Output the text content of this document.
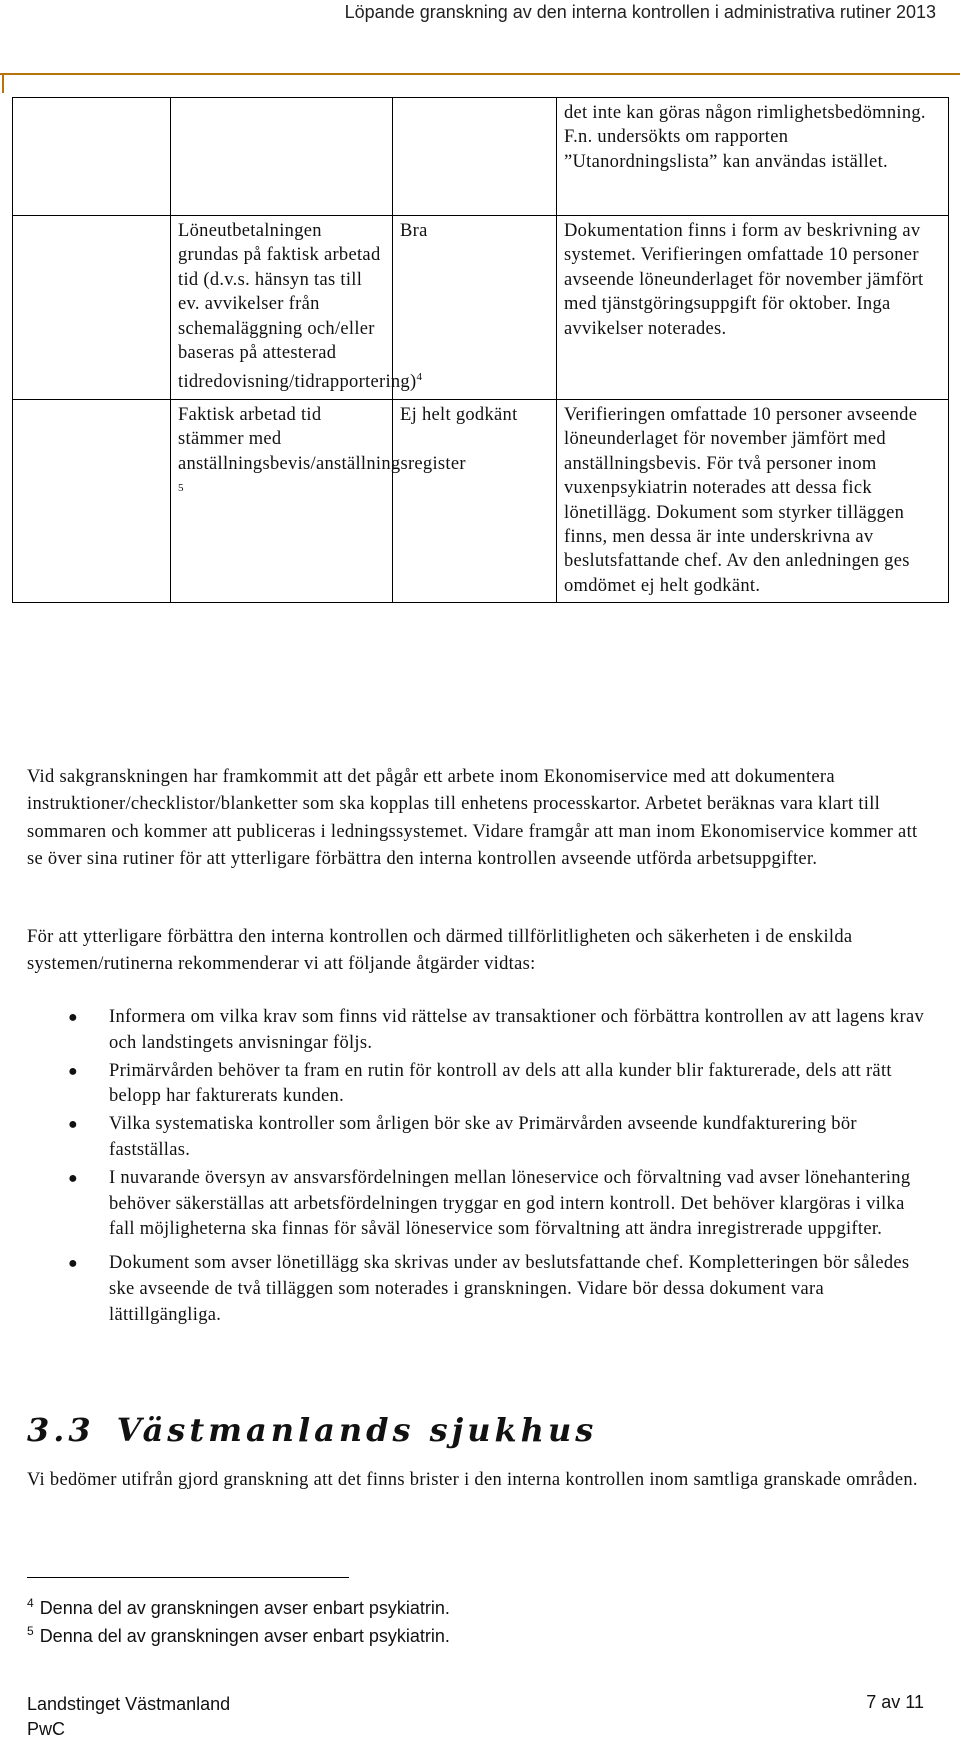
Löpande granskning av den interna kontrollen i administrativa rutiner 2013
			det inte kan göras någon rimlighetsbedömning. F.n. undersökts om rapporten ”Utanordningslista” kan användas istället.
	Löneutbetalningen grundas på faktisk arbetad tid (d.v.s. hänsyn tas till ev. avvikelser från schemaläggning och/eller baseras på attesterad tidredovisning/tidrapportering)$^4$	Bra	Dokumentation finns i form av beskrivning av systemet. Verifieringen omfattade 10 personer avseende löneunderlaget för november jämfört med tjänstgöringsuppgift för oktober. Inga avvikelser noterades.
	Faktisk arbetad tid stämmer med anställningsbevis/anställningsregister $^5$	Ej helt godkänt	Verifieringen omfattade 10 personer avseende löneunderlaget för november jämfört med anställningsbevis. För två personer inom vuxenpsykiatrin noterades att dessa fick lönetillägg. Dokument som styrker tilläggen finns, men dessa är inte underskrivna av beslutsfattande chef. Av den anledningen ges omdömet ej helt godkänt.

Vid sakgranskningen har framkommit att det pågår ett arbete inom Ekonomiservice med att dokumentera instruktioner/checklistor/blanketter som ska kopplas till enhetens processkartor. Arbetet beräknas vara klart till sommaren och kommer att publiceras i ledningssystemet. Vidare framgår att man inom Ekonomiservice kommer att se över sina rutiner för att ytterligare förbättra den interna kontrollen avseende utförda arbetsuppgifter.

För att ytterligare förbättra den interna kontrollen och därmed tillförlitligheten och säkerheten i de enskilda systemen/rutinerna rekommenderar vi att följande åtgärder vidtas:

● Informera om vilka krav som finns vid rättelse av transaktioner och förbättra kontrollen av att lagens krav och landstingets anvisningar följs.
● Primärvården behöver ta fram en rutin för kontroll av dels att alla kunder blir fakturerade, dels att rätt belopp har fakturerats kunden.
● Vilka systematiska kontroller som årligen bör ske av Primärvården avseende kundfakturering bör fastställas.
● I nuvarande översyn av ansvarsfördelningen mellan löneservice och förvaltning vad avser lönehantering behöver säkerställas att arbetsfördelningen tryggar en god intern kontroll. Det behöver klargöras i vilka fall möjligheterna ska finnas för såväl löneservice som förvaltning att ändra inregistrerade uppgifter.
● Dokument som avser lönetillägg ska skrivas under av beslutsfattande chef. Kompletteringen bör således ske avseende de två tilläggen som noterades i granskningen. Vidare bör dessa dokument vara lättillgängliga.
3.3 Västmanlands sjukhus

Vi bedömer utifrån gjord granskning att det finns brister i den interna kontrollen inom samtliga granskade områden.

$^4$ Denna del av granskningen avser enbart psykiatrin.
$^5$ Denna del av granskningen avser enbart psykiatrin.
Landstinget Västmanland
PwC
7 av 11
